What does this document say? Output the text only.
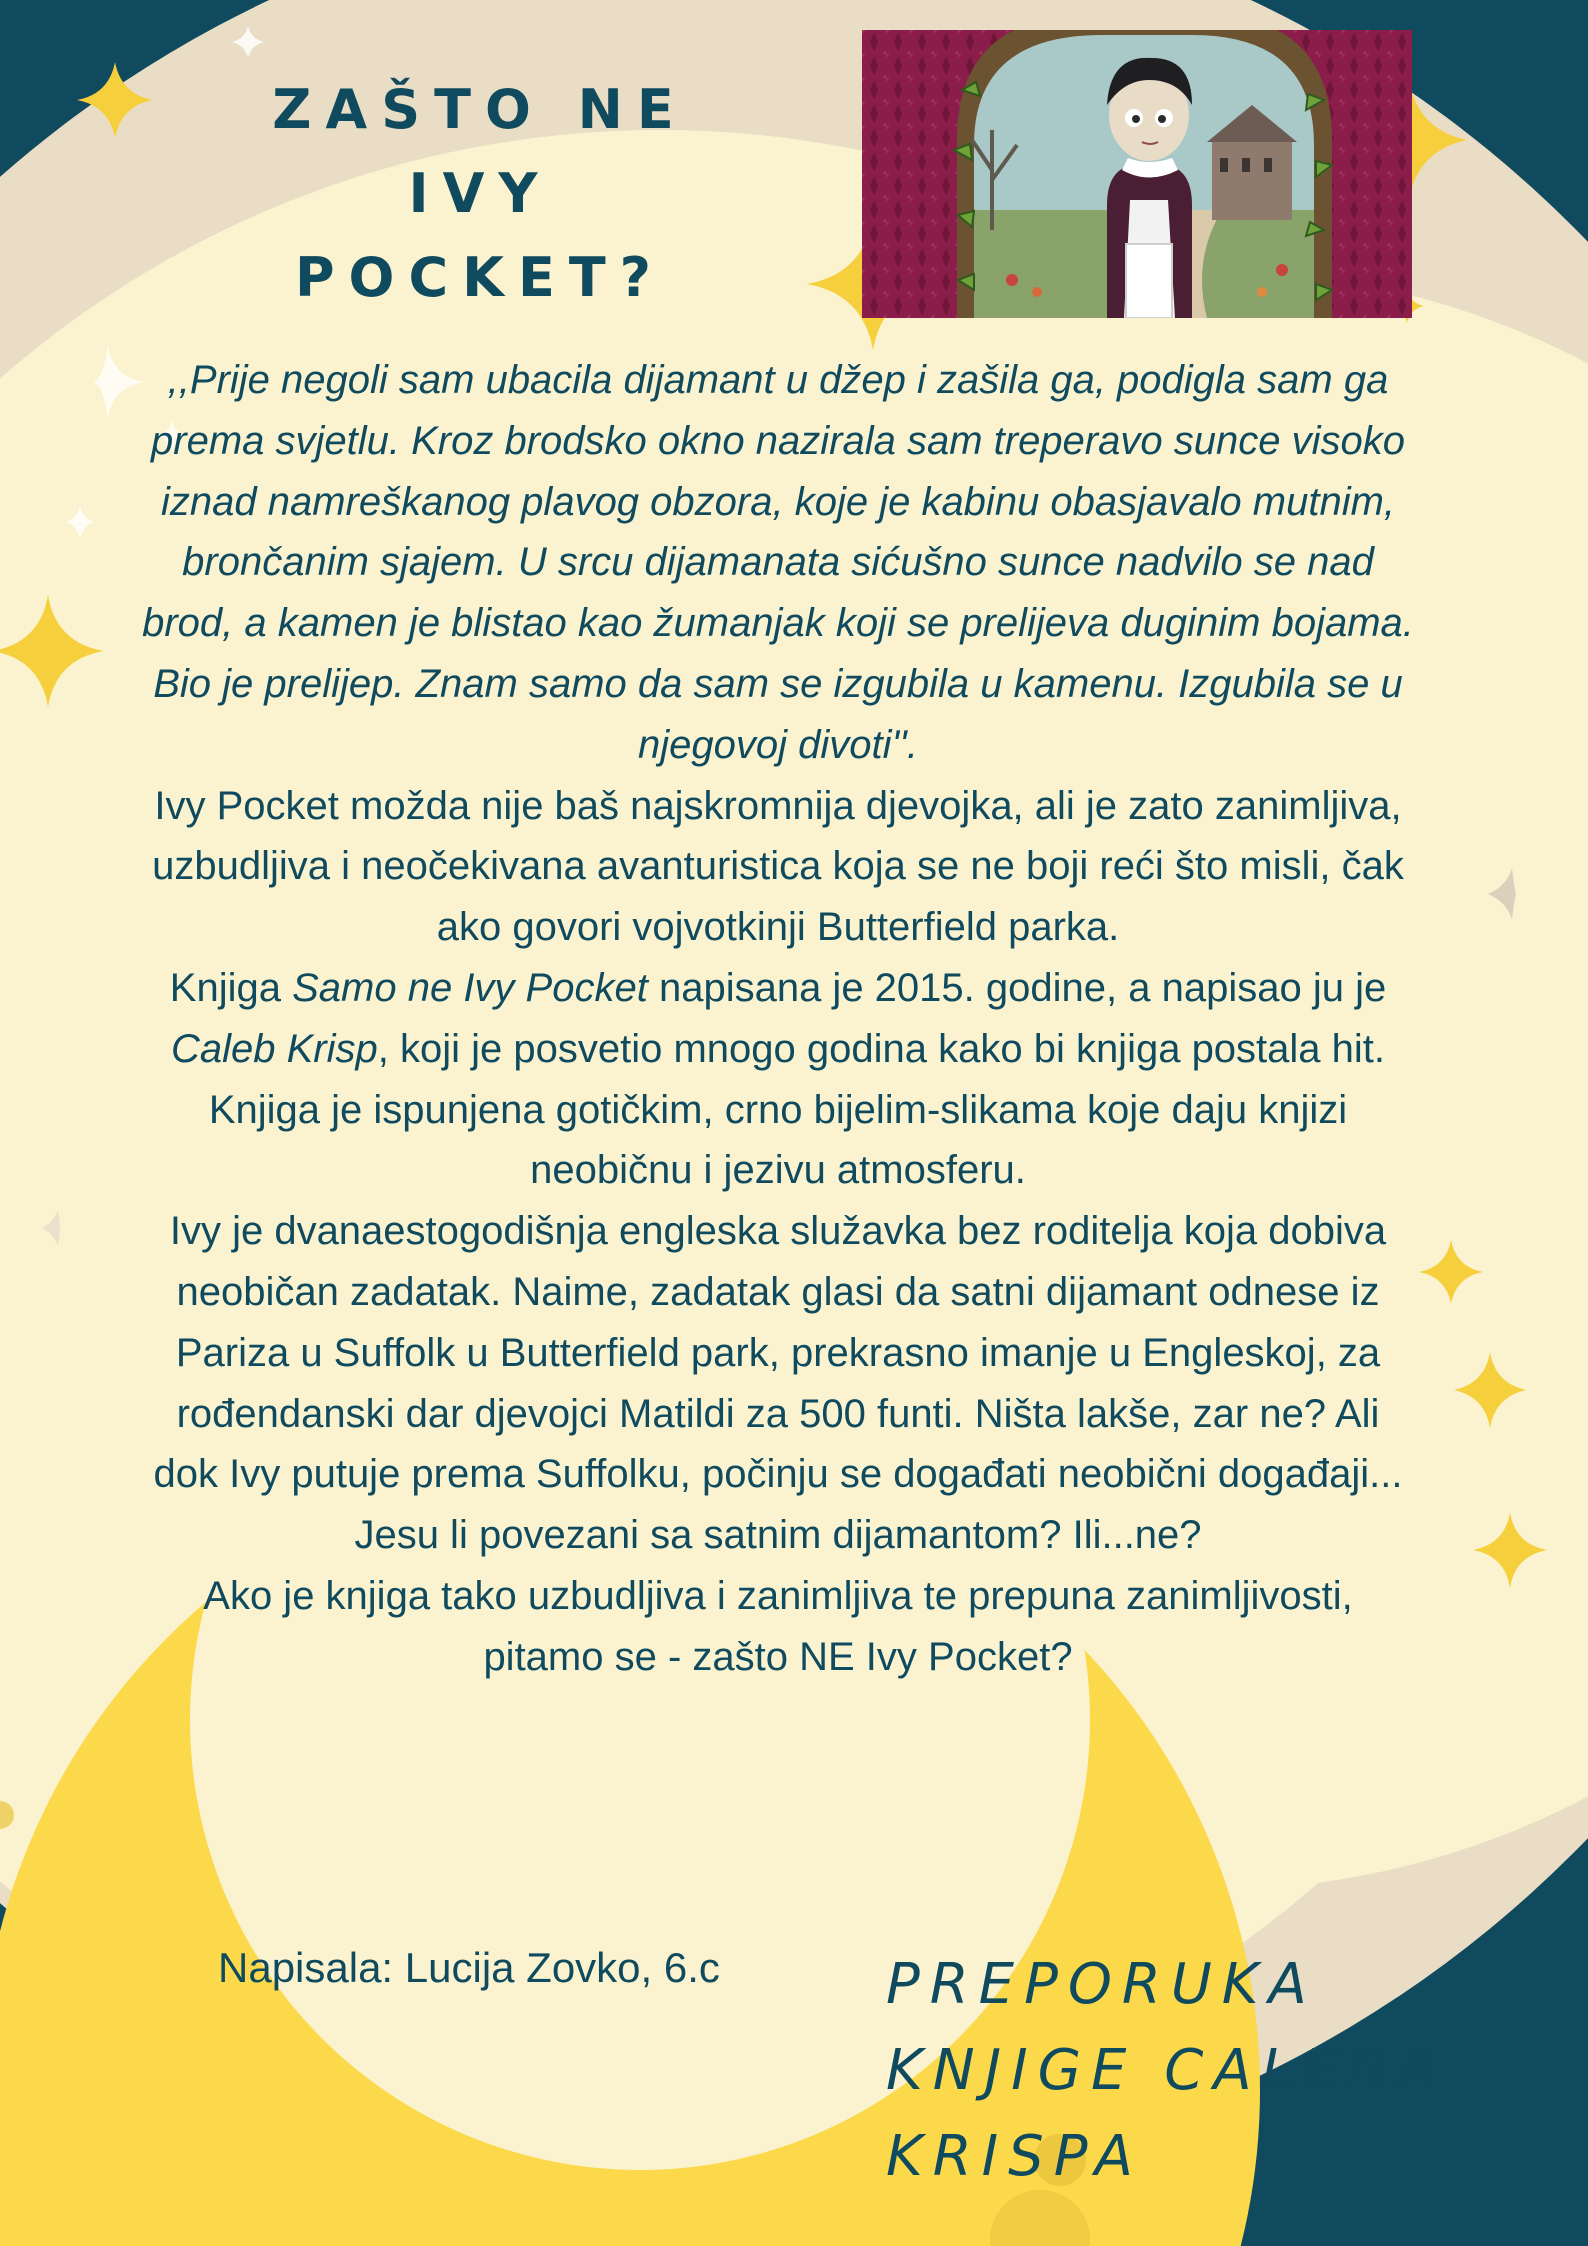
ZAŠTO NE
IVY
POCKET?

,,Prije negoli sam ubacila dijamant u džep i zašila ga, podigla sam ga prema svjetlu. Kroz brodsko okno nazirala sam treperavo sunce visoko iznad namreškanog plavog obzora, koje je kabinu obasjavalo mutnim, brončanim sjajem. U srcu dijamanata sićušno sunce nadvilo se nad brod, a kamen je blistao kao žumanjak koji se prelijeva duginim bojama. Bio je prelijep. Znam samo da sam se izgubila u kamenu. Izgubila se u njegovoj divoti''.

Ivy Pocket možda nije baš najskromnija djevojka, ali je zato zanimljiva, uzbudljiva i neočekivana avanturistica koja se ne boji reći što misli, čak ako govori vojvotkinji Butterfield parka.

Knjiga Samo ne Ivy Pocket napisana je 2015. godine, a napisao ju je Caleb Krisp, koji je posvetio mnogo godina kako bi knjiga postala hit. Knjiga je ispunjena gotičkim, crno bijelim-slikama koje daju knjizi neobičnu i jezivu atmosferu.

Ivy je dvanaestogodišnja engleska služavka bez roditelja koja dobiva neobičan zadatak. Naime, zadatak glasi da satni dijamant odnese iz Pariza u Suffolk u Butterfield park, prekrasno imanje u Engleskoj, za rođendanski dar djevojci Matildi za 500 funti. Ništa lakše, zar ne? Ali dok Ivy putuje prema Suffolku, počinju se događati neobični događaji... Jesu li povezani sa satnim dijamantom? Ili...ne?

Ako je knjiga tako uzbudljiva i zanimljiva te prepuna zanimljivosti, pitamo se - zašto NE Ivy Pocket?

Napisala: Lucija Zovko, 6.c	PREPORUKA
KNJIGE CALEBA
KRISPA
